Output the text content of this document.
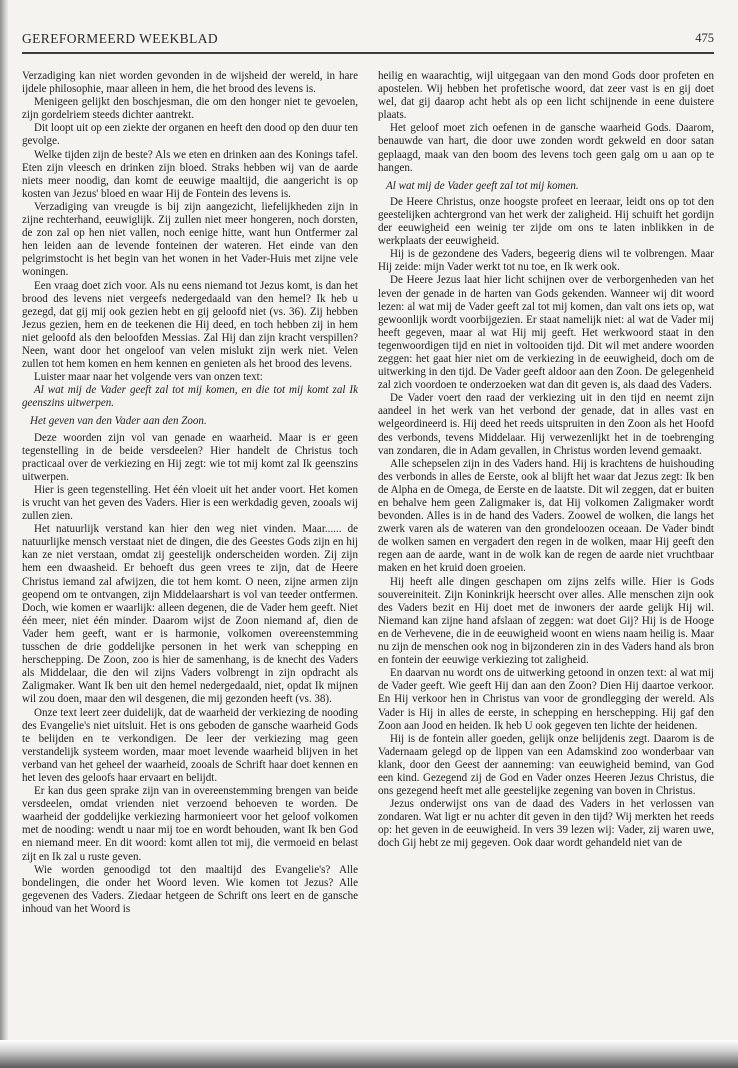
GEREFORMEERD WEEKBLAD	475

Verzadiging kan niet worden gevonden in de wijsheid der wereld, in hare ijdele philosophie, maar alleen in hem, die het brood des levens is.

Menigeen gelijkt den boschjesman, die om den honger niet te gevoelen, zijn gordelriem steeds dichter aantrekt.

Dit loopt uit op een ziekte der organen en heeft den dood op den duur ten gevolge.

Welke tijden zijn de beste? Als we eten en drinken aan des Konings tafel. Eten zijn vleesch en drinken zijn bloed. Straks hebben wij van de aarde niets meer noodig, dan komt de eeuwige maaltijd, die aangericht is op kosten van Jezus' bloed en waar Hij de Fontein des levens is.

Verzadiging van vreugde is bij zijn aangezicht, liefelijkheden zijn in zijne rechterhand, eeuwiglijk. Zij zullen niet meer hongeren, noch dorsten, de zon zal op hen niet vallen, noch eenige hitte, want hun Ontfermer zal hen leiden aan de levende fonteinen der wateren. Het einde van den pelgrimstocht is het begin van het wonen in het Vader-Huis met zijne vele woningen.

Een vraag doet zich voor. Als nu eens niemand tot Jezus komt, is dan het brood des levens niet vergeefs nedergedaald van den hemel? Ik heb u gezegd, dat gij mij ook gezien hebt en gij geloofd niet (vs. 36). Zij hebben Jezus gezien, hem en de teekenen die Hij deed, en toch hebben zij in hem niet geloofd als den beloofden Messias. Zal Hij dan zijn kracht verspillen? Neen, want door het ongeloof van velen mislukt zijn werk niet. Velen zullen tot hem komen en hem kennen en genieten als het brood des levens.

Luister maar naar het volgende vers van onzen text:

Al wat mij de Vader geeft zal tot mij komen, en die tot mij komt zal Ik geenszins uitwerpen.

Het geven van den Vader aan den Zoon.

Deze woorden zijn vol van genade en waarheid. Maar is er geen tegenstelling in de beide versdeelen? Hier handelt de Christus toch practicaal over de verkiezing en Hij zegt: wie tot mij komt zal Ik geenszins uitwerpen.

Hier is geen tegenstelling. Het één vloeit uit het ander voort. Het komen is vrucht van het geven des Vaders. Hier is een werkdadig geven, zooals wij zullen zien.

Het natuurlijk verstand kan hier den weg niet vinden. Maar...... de natuurlijke mensch verstaat niet de dingen, die des Geestes Gods zijn en hij kan ze niet verstaan, omdat zij geestelijk onderscheiden worden. Zij zijn hem een dwaasheid. Er behoeft dus geen vrees te zijn, dat de Heere Christus iemand zal afwijzen, die tot hem komt. O neen, zijne armen zijn geopend om te ontvangen, zijn Middelaarshart is vol van teeder ontfermen. Doch, wie komen er waarlijk: alleen degenen, die de Vader hem geeft. Niet één meer, niet één minder. Daarom wijst de Zoon niemand af, dien de Vader hem geeft, want er is harmonie, volkomen overeenstemming tusschen de drie goddelijke personen in het werk van schepping en herschepping. De Zoon, zoo is hier de samenhang, is de knecht des Vaders als Middelaar, die den wil zijns Vaders volbrengt in zijn opdracht als Zaligmaker. Want Ik ben uit den hemel nedergedaald, niet, opdat Ik mijnen wil zou doen, maar den wil desgenen, die mij gezonden heeft (vs. 38).

Onze text leert zeer duidelijk, dat de waarheid der verkiezing de nooding des Evangelie's niet uitsluit. Het is ons geboden de gansche waarheid Gods te belijden en te verkondigen. De leer der verkiezing mag geen verstandelijk systeem worden, maar moet levende waarheid blijven in het verband van het geheel der waarheid, zooals de Schrift haar doet kennen en het leven des geloofs haar ervaart en belijdt.

Er kan dus geen sprake zijn van in overeenstemming brengen van beide versdeelen, omdat vrienden niet verzoend behoeven te worden. De waarheid der goddelijke verkiezing harmonieert voor het geloof volkomen met de nooding: wendt u naar mij toe en wordt behouden, want Ik ben God en niemand meer. En dit woord: komt allen tot mij, die vermoeid en belast zijt en Ik zal u ruste geven.

Wie worden genoodigd tot den maaltijd des Evangelie's? Alle bondelingen, die onder het Woord leven. Wie komen tot Jezus? Alle gegevenen des Vaders. Ziedaar hetgeen de Schrift ons leert en de gansche inhoud van het Woord is

heilig en waarachtig, wijl uitgegaan van den mond Gods door profeten en apostelen. Wij hebben het profetische woord, dat zeer vast is en gij doet wel, dat gij daarop acht hebt als op een licht schijnende in eene duistere plaats.

Het geloof moet zich oefenen in de gansche waarheid Gods. Daarom, benauwde van hart, die door uwe zonden wordt gekweld en door satan geplaagd, maak van den boom des levens toch geen galg om u aan op te hangen.

Al wat mij de Vader geeft zal tot mij komen.

De Heere Christus, onze hoogste profeet en leeraar, leidt ons op tot den geestelijken achtergrond van het werk der zaligheid. Hij schuift het gordijn der eeuwigheid een weinig ter zijde om ons te laten inblikken in de werkplaats der eeuwigheid.

Hij is de gezondene des Vaders, begeerig diens wil te volbrengen. Maar Hij zeide: mijn Vader werkt tot nu toe, en Ik werk ook.

De Heere Jezus laat hier licht schijnen over de verborgenheden van het leven der genade in de harten van Gods gekenden. Wanneer wij dit woord lezen: al wat mij de Vader geeft zal tot mij komen, dan valt ons iets op, wat gewoonlijk wordt voorbijgezien. Er staat namelijk niet: al wat de Vader mij heeft gegeven, maar al wat Hij mij geeft. Het werkwoord staat in den tegenwoordigen tijd en niet in voltooiden tijd. Dit wil met andere woorden zeggen: het gaat hier niet om de verkiezing in de eeuwigheid, doch om de uitwerking in den tijd. De Vader geeft aldoor aan den Zoon. De gelegenheid zal zich voordoen te onderzoeken wat dan dit geven is, als daad des Vaders.

De Vader voert den raad der verkiezing uit in den tijd en neemt zijn aandeel in het werk van het verbond der genade, dat in alles vast en welgeordineerd is. Hij deed het reeds uitspruiten in den Zoon als het Hoofd des verbonds, tevens Middelaar. Hij verwezenlijkt het in de toebrenging van zondaren, die in Adam gevallen, in Christus worden levend gemaakt.

Alle schepselen zijn in des Vaders hand. Hij is krachtens de huishouding des verbonds in alles de Eerste, ook al blijft het waar dat Jezus zegt: Ik ben de Alpha en de Omega, de Eerste en de laatste. Dit wil zeggen, dat er buiten en behalve hem geen Zaligmaker is, dat Hij volkomen Zaligmaker wordt bevonden. Alles is in de hand des Vaders. Zoowel de wolken, die langs het zwerk varen als de wateren van den grondeloozen oceaan. De Vader bindt de wolken samen en vergadert den regen in de wolken, maar Hij geeft den regen aan de aarde, want in de wolk kan de regen de aarde niet vruchtbaar maken en het kruid doen groeien.

Hij heeft alle dingen geschapen om zijns zelfs wille. Hier is Gods souvereiniteit. Zijn Koninkrijk heerscht over alles. Alle menschen zijn ook des Vaders bezit en Hij doet met de inwoners der aarde gelijk Hij wil. Niemand kan zijne hand afslaan of zeggen: wat doet Gij? Hij is de Hooge en de Verhevene, die in de eeuwigheid woont en wiens naam heilig is. Maar nu zijn de menschen ook nog in bijzonderen zin in des Vaders hand als bron en fontein der eeuwige verkiezing tot zaligheid.

En daarvan nu wordt ons de uitwerking getoond in onzen text: al wat mij de Vader geeft. Wie geeft Hij dan aan den Zoon? Dien Hij daartoe verkoor. En Hij verkoor hen in Christus van voor de grondlegging der wereld. Als Vader is Hij in alles de eerste, in schepping en herschepping. Hij gaf den Zoon aan Jood en heiden. Ik heb U ook gegeven ten lichte der heidenen.

Hij is de fontein aller goeden, gelijk onze belijdenis zegt. Daarom is de Vadernaam gelegd op de lippen van een Adamskind zoo wonderbaar van klank, door den Geest der aanneming: van eeuwigheid bemind, van God een kind. Gezegend zij de God en Vader onzes Heeren Jezus Christus, die ons gezegend heeft met alle geestelijke zegening van boven in Christus.

Jezus onderwijst ons van de daad des Vaders in het verlossen van zondaren. Wat ligt er nu achter dit geven in den tijd? Wij merkten het reeds op: het geven in de eeuwigheid. In vers 39 lezen wij: Vader, zij waren uwe, doch Gij hebt ze mij gegeven. Ook daar wordt gehandeld niet van de
